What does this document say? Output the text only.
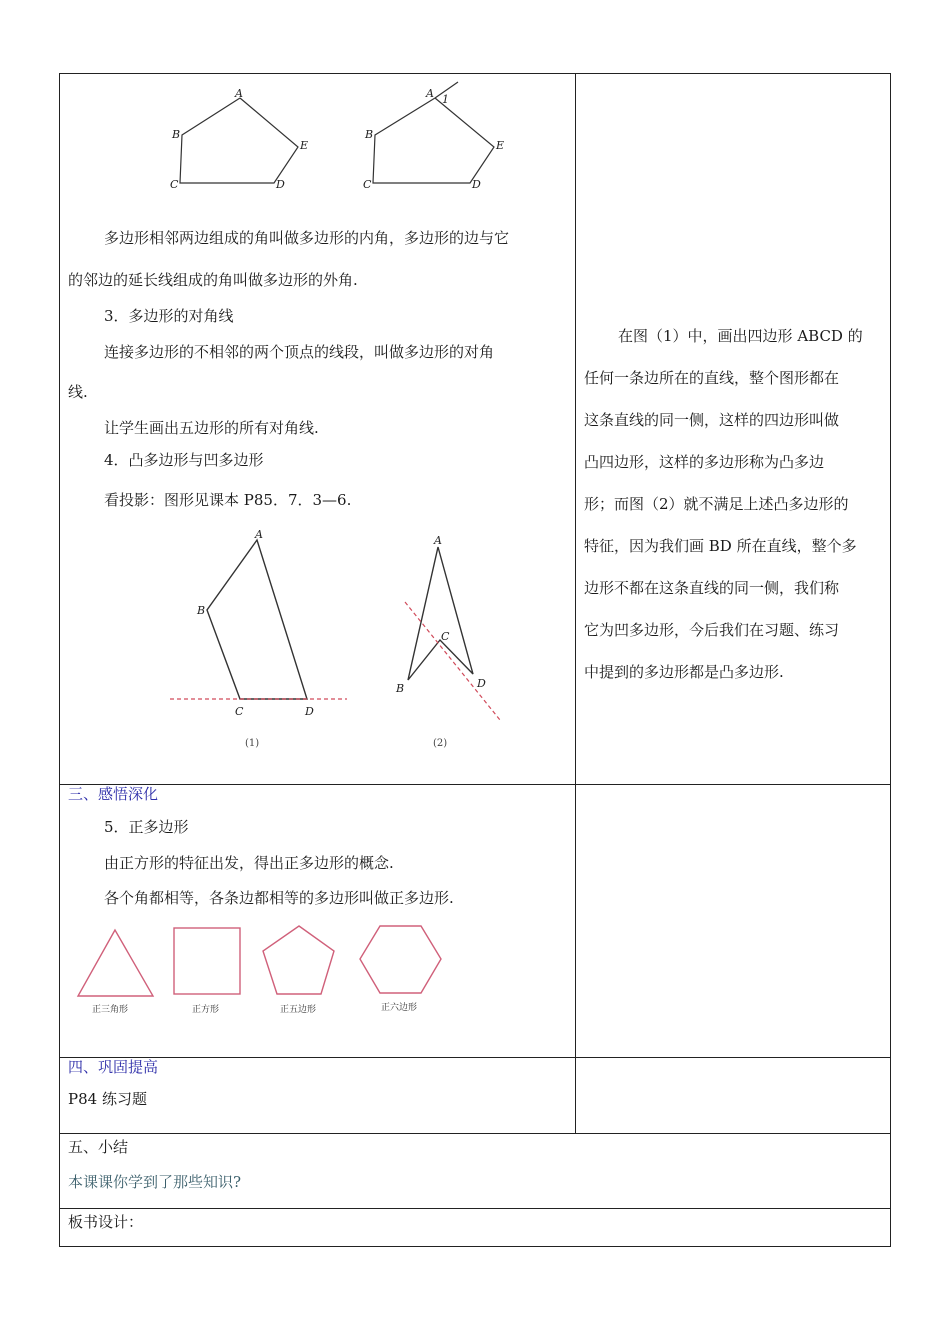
A
B
C	D
E
A 1
B
C	D
E
多边形相邻两边组成的角叫做多边形的内角，多边形的边与它
的邻边的延长线组成的角叫做多边形的外角.
3．多边形的对角线
连接多边形的不相邻的两个顶点的线段，叫做多边形的对角
线.
让学生画出五边形的所有对角线.
4．凸多边形与凹多边形
看投影：图形见课本 P85．7．3—6.
A
B
C	D
(1)
A
B
C
D
(2)
在图（1）中，画出四边形 ABCD 的
任何一条边所在的直线，整个图形都在
这条直线的同一侧，这样的四边形叫做
凸四边形，这样的多边形称为凸多边
形；而图（2）就不满足上述凸多边形的
特征，因为我们画 BD 所在直线，整个多
边形不都在这条直线的同一侧，我们称
它为凹多边形，今后我们在习题、练习
中提到的多边形都是凸多边形.
三、感悟深化
5．正多边形
由正方形的特征出发，得出正多边形的概念.
各个角都相等，各条边都相等的多边形叫做正多边形.
正三角形	正方形	正五边形	正六边形
四、巩固提高
P84 练习题
五、小结
本课课你学到了那些知识?
板书设计：
